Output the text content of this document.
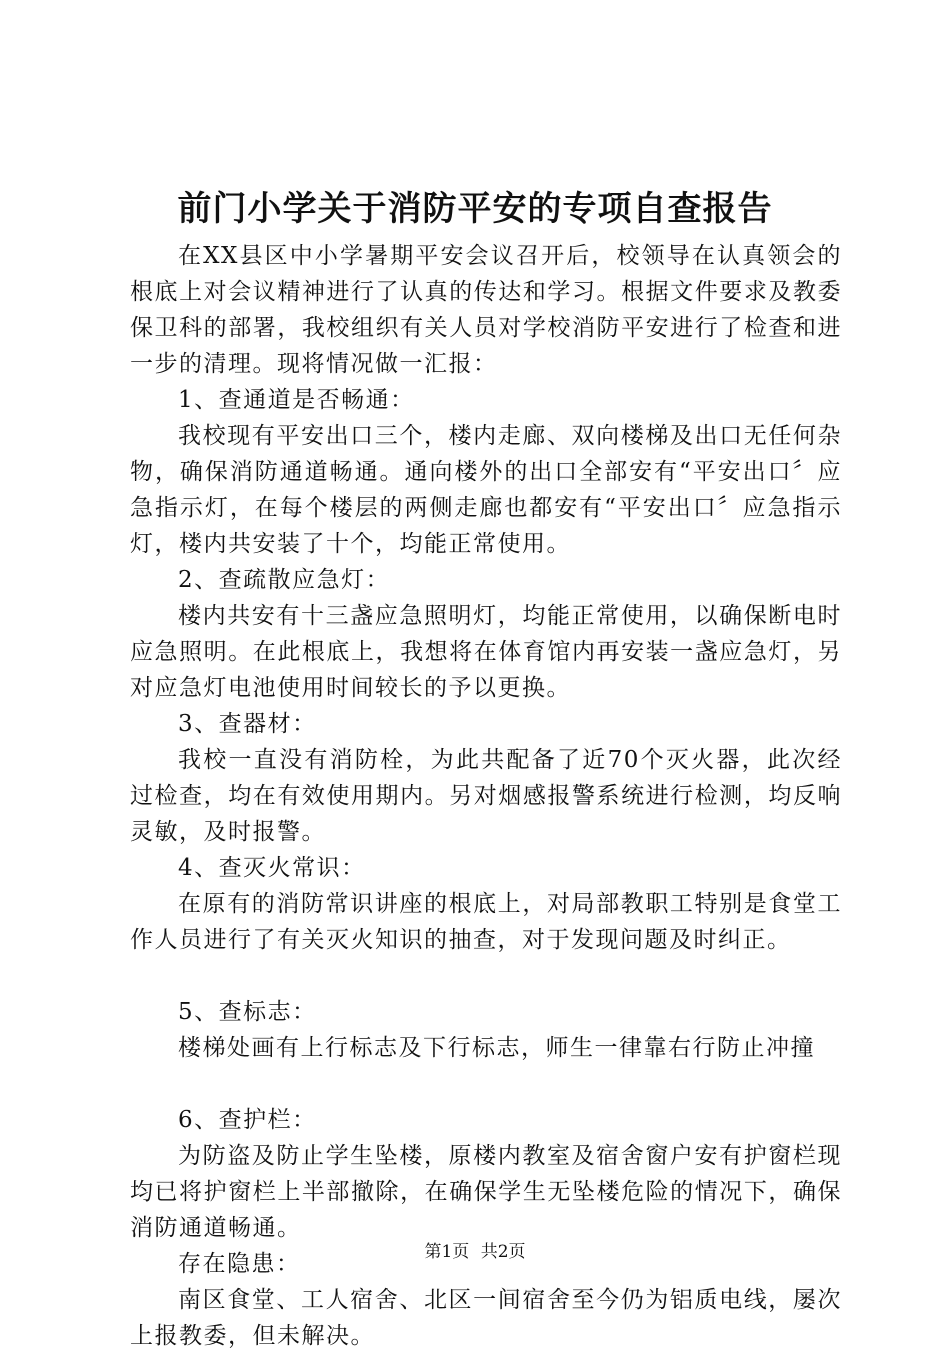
前门小学关于消防平安的专项自查报告

在XX县区中小学暑期平安会议召开后，校领导在认真领会的根底上对会议精神进行了认真的传达和学习。根据文件要求及教委保卫科的部署，我校组织有关人员对学校消防平安进行了检查和进一步的清理。现将情况做一汇报：

1、查通道是否畅通：

我校现有平安出口三个，楼内走廊、双向楼梯及出口无任何杂物，确保消防通道畅通。通向楼外的出口全部安有“平安出口〞应急指示灯，在每个楼层的两侧走廊也都安有“平安出口〞应急指示灯，楼内共安装了十个，均能正常使用。

2、查疏散应急灯：

楼内共安有十三盏应急照明灯，均能正常使用，以确保断电时应急照明。在此根底上，我想将在体育馆内再安装一盏应急灯，另对应急灯电池使用时间较长的予以更换。

3、查器材：

我校一直没有消防栓，为此共配备了近70个灭火器，此次经过检查，均在有效使用期内。另对烟感报警系统进行检测，均反响灵敏，及时报警。

4、查灭火常识：

在原有的消防常识讲座的根底上，对局部教职工特别是食堂工作人员进行了有关灭火知识的抽查，对于发现问题及时纠正。

5、查标志：

楼梯处画有上行标志及下行标志，师生一律靠右行防止冲撞

6、查护栏：

为防盗及防止学生坠楼，原楼内教室及宿舍窗户安有护窗栏现均已将护窗栏上半部撤除，在确保学生无坠楼危险的情况下，确保消防通道畅通。

存在隐患：

南区食堂、工人宿舍、北区一间宿舍至今仍为铝质电线，屡次上报教委，但未解决。

第1页 共2页
